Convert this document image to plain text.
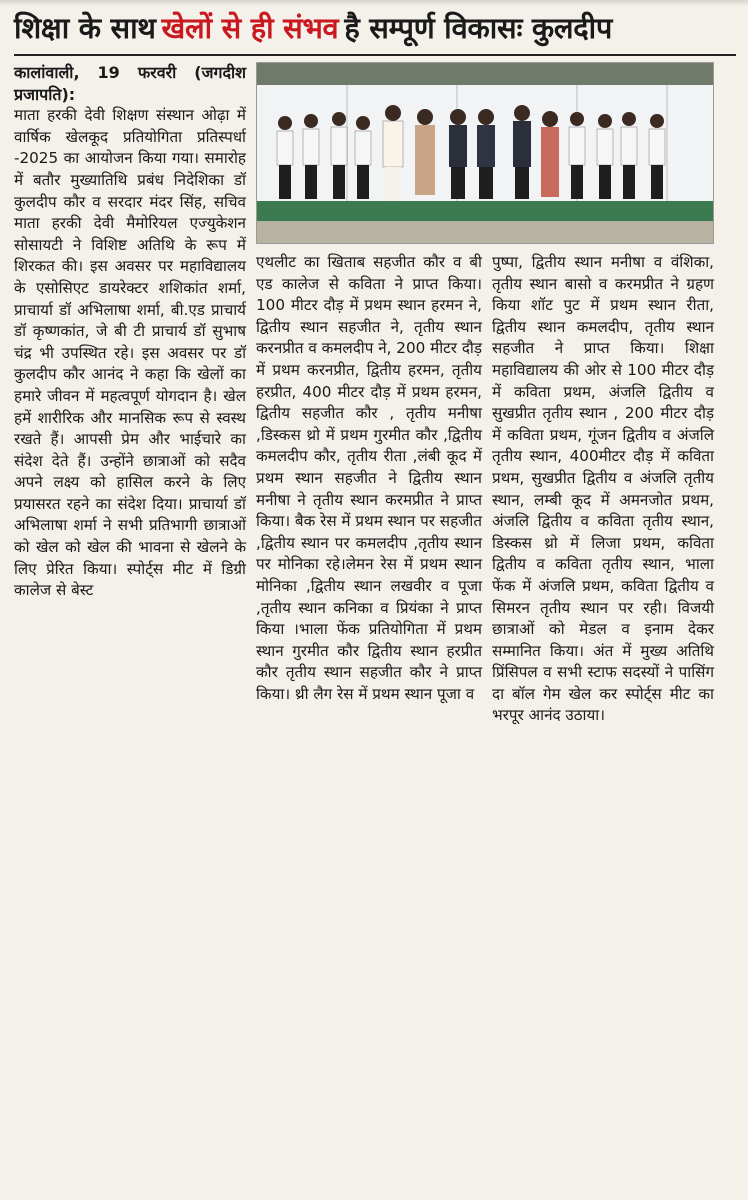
शिक्षा के साथ खेलों से ही संभव है सम्पूर्ण विकासः कुलदीप

कालांवाली, 19 फरवरी (जगदीश प्रजापति):

माता हरकी देवी शिक्षण संस्थान ओढ़ा में वार्षिक खेलकूद प्रतियोगिता प्रतिस्पर्धा -2025 का आयोजन किया गया। समारोह में बतौर मुख्यातिथि प्रबंध निदेशिका डॉ कुलदीप कौर व सरदार मंदर सिंह, सचिव माता हरकी देवी मैमोरियल एज्युकेशन सोसायटी ने विशिष्ट अतिथि के रूप में शिरकत की। इस अवसर पर महाविद्यालय के एसोसिएट डायरेक्टर शशिकांत शर्मा, प्राचार्या डॉ अभिलाषा शर्मा, बी.एड प्राचार्य डॉ कृष्णकांत, जे बी टी प्राचार्य डॉ सुभाष चंद्र भी उपस्थित रहे। इस अवसर पर डॉ कुलदीप कौर आनंद ने कहा कि खेलों का हमारे जीवन में महत्वपूर्ण योगदान है। खेल हमें शारीरिक और मानसिक रूप से स्वस्थ रखते हैं। आपसी प्रेम और भाईचारे का संदेश देते हैं। उन्होंने छात्राओं को सदैव अपने लक्ष्य को हासिल करने के लिए प्रयासरत रहने का संदेश दिया। प्राचार्या डॉ अभिलाषा शर्मा ने सभी प्रतिभागी छात्राओं को खेल को खेल की भावना से खेलने के लिए प्रेरित किया। स्पोर्ट्स मीट में डिग्री कालेज से बेस्ट

एथलीट का खिताब सहजीत कौर व बी एड कालेज से कविता ने प्राप्त किया। 100 मीटर दौड़ में प्रथम स्थान हरमन ने, द्वितीय स्थान सहजीत ने, तृतीय स्थान करनप्रीत व कमलदीप ने, 200 मीटर दौड़ में प्रथम करनप्रीत, द्वितीय हरमन, तृतीय हरप्रीत, 400 मीटर दौड़ में प्रथम हरमन, द्वितीय सहजीत कौर , तृतीय मनीषा ,डिस्कस थ्रो में प्रथम गुरमीत कौर ,द्वितीय कमलदीप कौर, तृतीय रीता ,लंबी कूद में प्रथम स्थान सहजीत ने द्वितीय स्थान मनीषा ने तृतीय स्थान करमप्रीत ने प्राप्त किया। बैक रेस में प्रथम स्थान पर सहजीत ,द्वितीय स्थान पर कमलदीप ,तृतीय स्थान पर मोनिका रहे।लेमन रेस में प्रथम स्थान मोनिका ,द्वितीय स्थान लखवीर व पूजा ,तृतीय स्थान कनिका व प्रियंका ने प्राप्त किया ।भाला फेंक प्रतियोगिता में प्रथम स्थान गुरमीत कौर द्वितीय स्थान हरप्रीत कौर तृतीय स्थान सहजीत कौर ने प्राप्त किया। थ्री लैग रेस में प्रथम स्थान पूजा व

पुष्पा, द्वितीय स्थान मनीषा व वंशिका, तृतीय स्थान बासो व करमप्रीत ने ग्रहण किया शॉट पुट में प्रथम स्थान रीता, द्वितीय स्थान कमलदीप, तृतीय स्थान सहजीत ने प्राप्त किया। शिक्षा महाविद्यालय की ओर से 100 मीटर दौड़ में कविता प्रथम, अंजलि द्वितीय व सुखप्रीत तृतीय स्थान , 200 मीटर दौड़ में कविता प्रथम, गूंजन द्वितीय व अंजलि तृतीय स्थान, 400मीटर दौड़ में कविता प्रथम, सुखप्रीत द्वितीय व अंजलि तृतीय स्थान, लम्बी कूद में अमनजोत प्रथम, अंजलि द्वितीय व कविता तृतीय स्थान, डिस्कस थ्रो में लिजा प्रथम, कविता द्वितीय व कविता तृतीय स्थान, भाला फेंक में अंजलि प्रथम, कविता द्वितीय व सिमरन तृतीय स्थान पर रही। विजयी छात्राओं को मेडल व इनाम देकर सम्मानित किया। अंत में मुख्य अतिथि प्रिंसिपल व सभी स्टाफ सदस्यों ने पासिंग दा बॉल गेम खेल कर स्पोर्ट्स मीट का भरपूर आनंद उठाया।
